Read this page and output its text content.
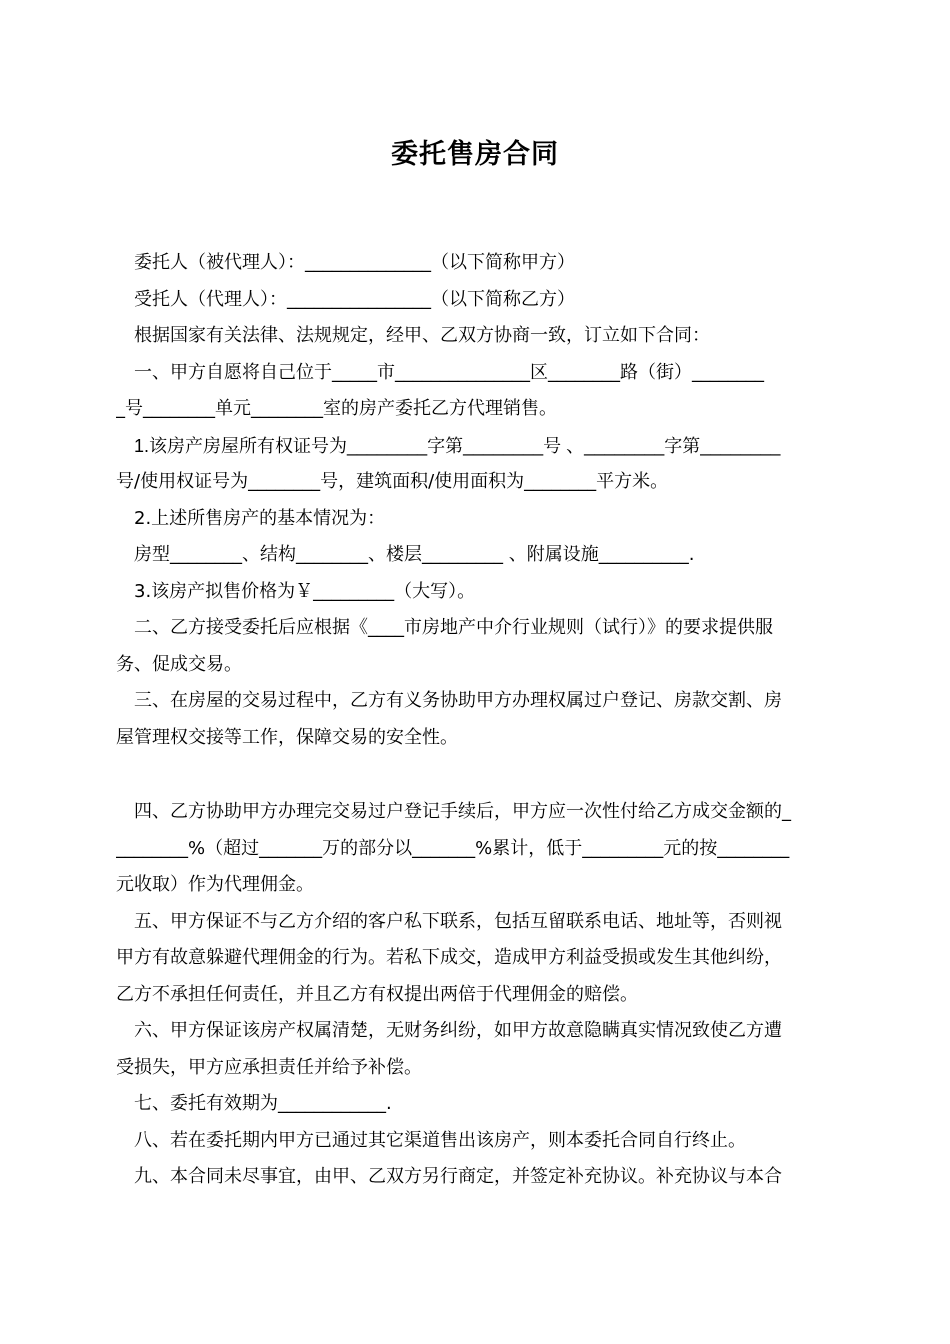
委托售房合同
委托人（被代理人）：______________（以下简称甲方）
受托人（代理人）：________________（以下简称乙方）
根据国家有关法律、法规规定，经甲、乙双方协商一致，订立如下合同：
一、甲方自愿将自己位于_____市_______________区________路（街）________
_号________单元________室的房产委托乙方代理销售。
1.该房产房屋所有权证号为________字第________号 、________字第________
号/使用权证号为________号，建筑面积/使用面积为________平方米。
2.上述所售房产的基本情况为：
房型________、结构________、楼层_________ 、附属设施__________.
3.该房产拟售价格为￥_________（大写）。
二、乙方接受委托后应根据《____市房地产中介行业规则（试行）》的要求提供服
务、促成交易。
三、在房屋的交易过程中，乙方有义务协助甲方办理权属过户登记、房款交割、房
屋管理权交接等工作，保障交易的安全性。
四、乙方协助甲方办理完交易过户登记手续后，甲方应一次性付给乙方成交金额的_
________%（超过_______万的部分以_______%累计，低于_________元的按________
元收取）作为代理佣金。
五、甲方保证不与乙方介绍的客户私下联系，包括互留联系电话、地址等，否则视
甲方有故意躲避代理佣金的行为。若私下成交，造成甲方利益受损或发生其他纠纷，
乙方不承担任何责任，并且乙方有权提出两倍于代理佣金的赔偿。
六、甲方保证该房产权属清楚，无财务纠纷，如甲方故意隐瞒真实情况致使乙方遭
受损失，甲方应承担责任并给予补偿。
七、委托有效期为____________.
八、若在委托期内甲方已通过其它渠道售出该房产，则本委托合同自行终止。
九、本合同未尽事宜，由甲、乙双方另行商定，并签定补充协议。补充协议与本合
